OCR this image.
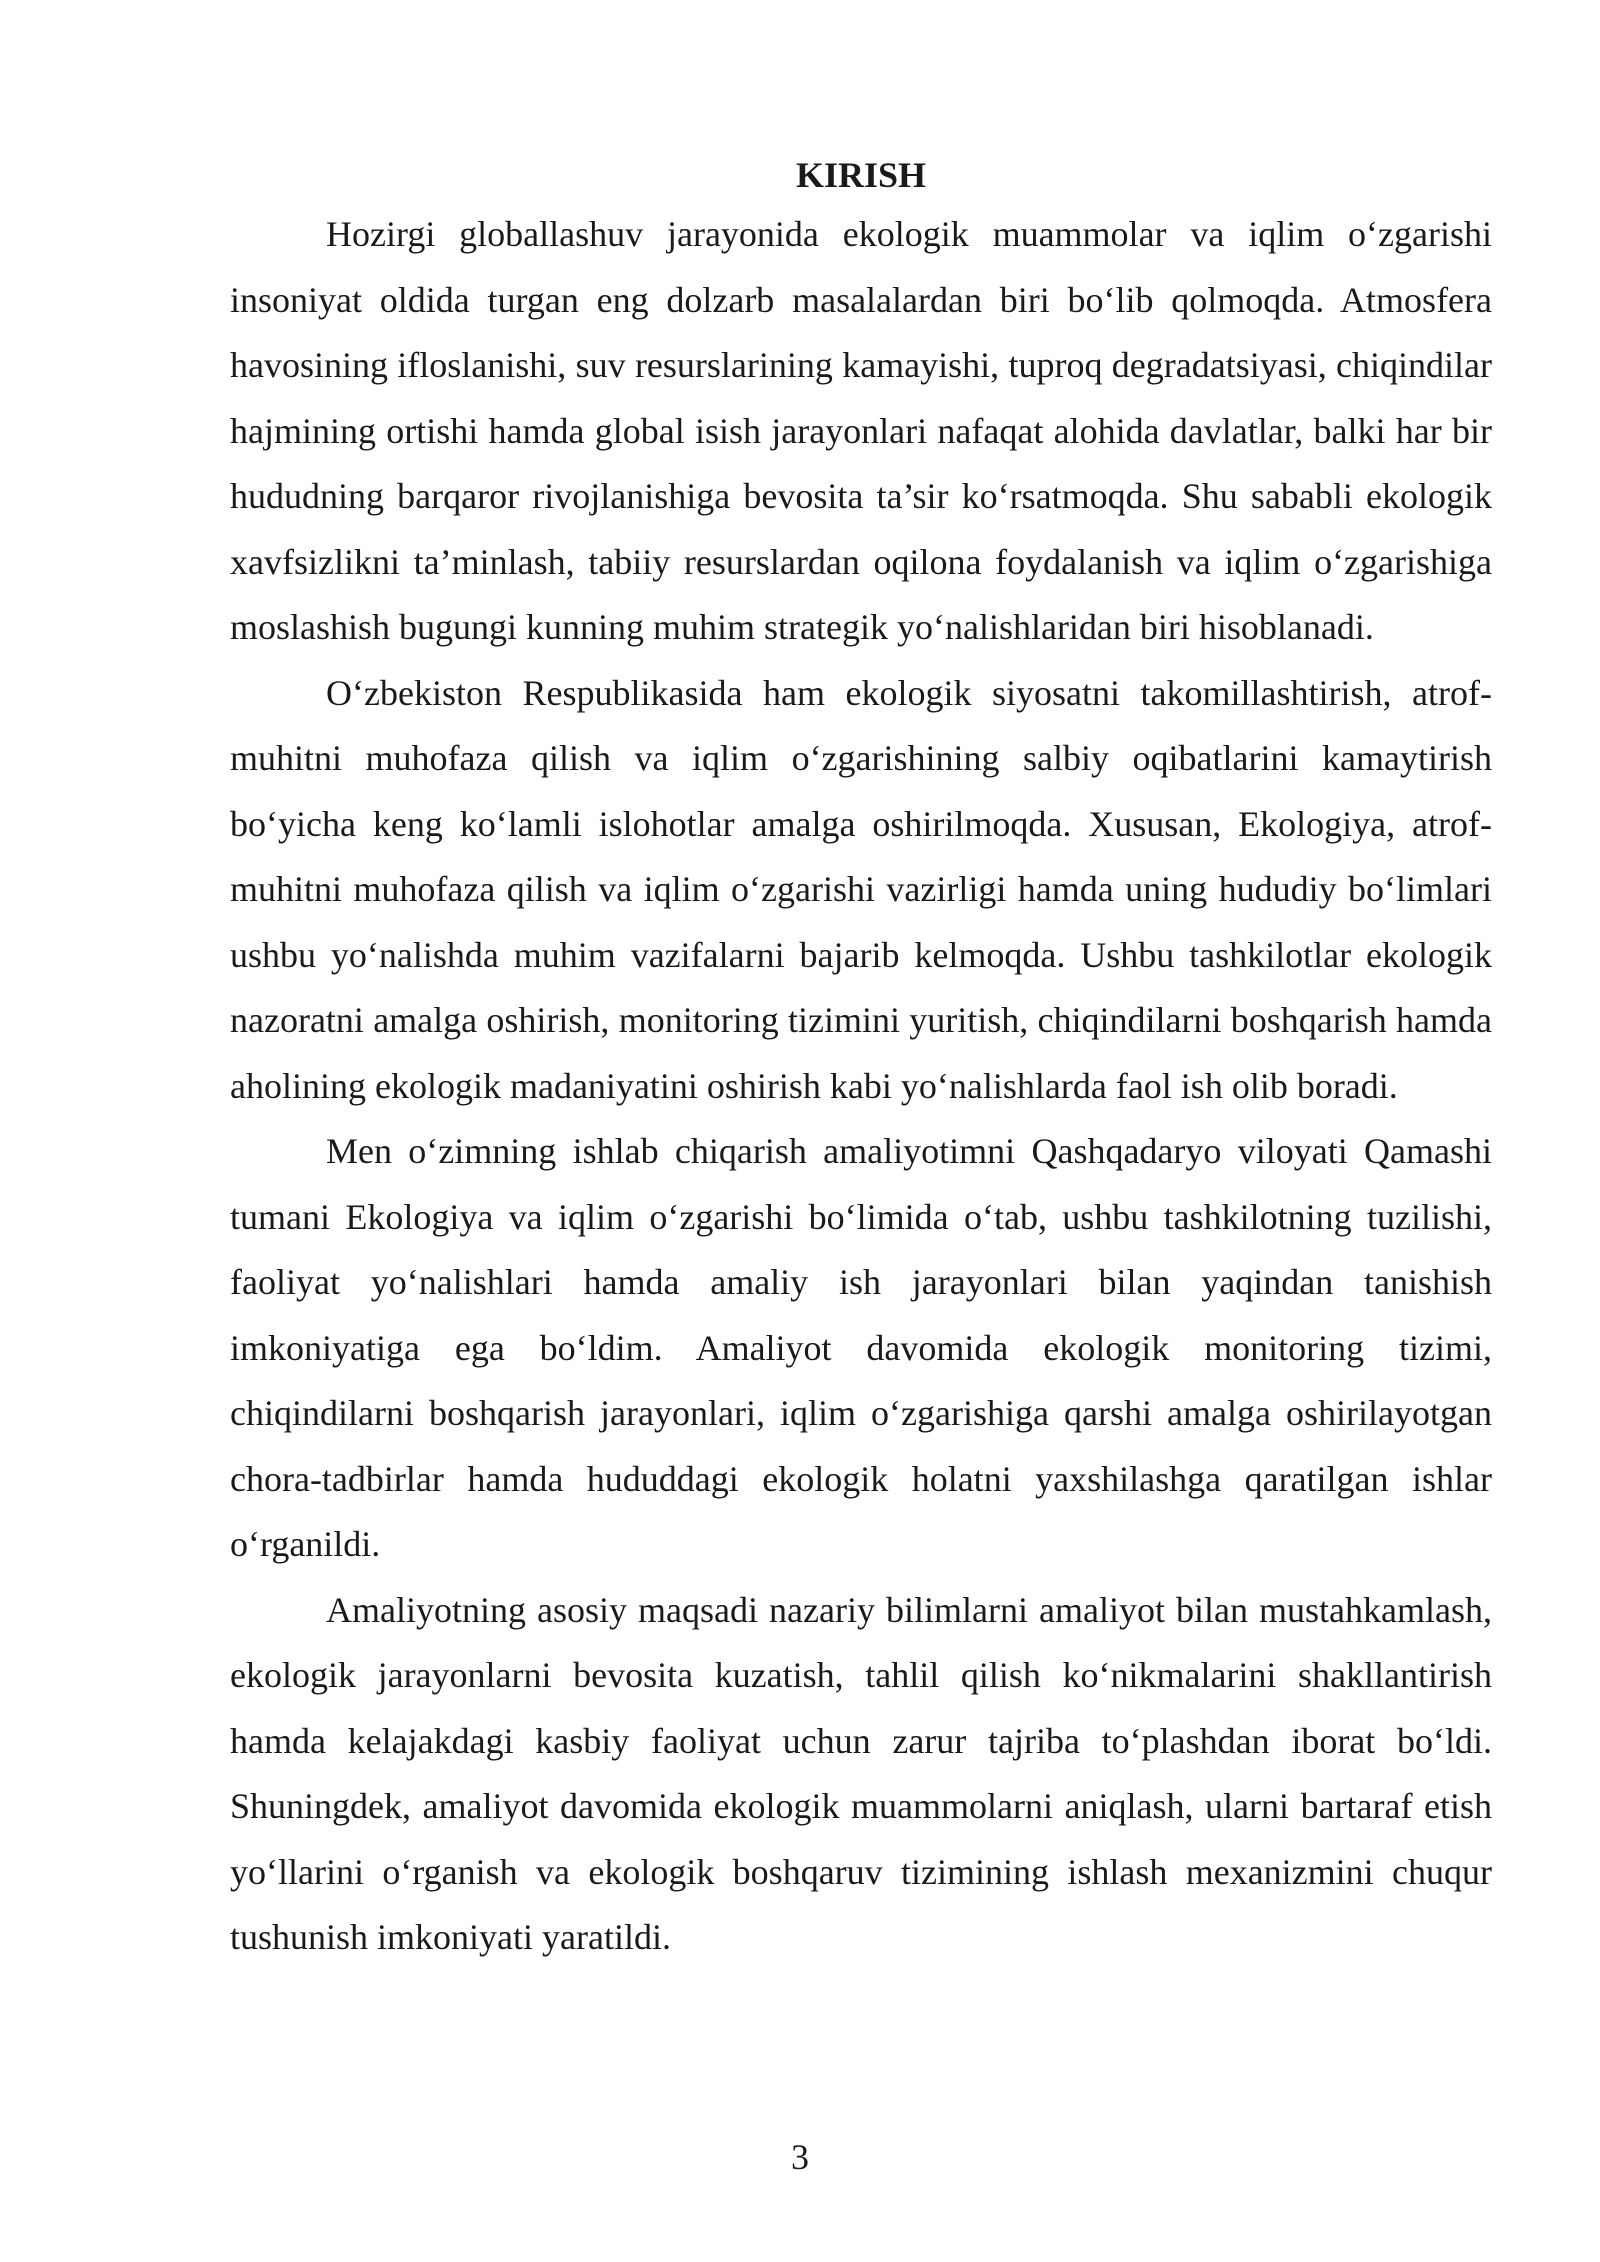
KIRISH

Hozirgi globallashuv jarayonida ekologik muammolar va iqlim o‘zgarishi insoniyat oldida turgan eng dolzarb masalalardan biri bo‘lib qolmoqda. Atmosfera havosining ifloslanishi, suv resurslarining kamayishi, tuproq degradatsiyasi, chiqindilar hajmining ortishi hamda global isish jarayonlari nafaqat alohida davlatlar, balki har bir hududning barqaror rivojlanishiga bevosita ta’sir ko‘rsatmoqda. Shu sababli ekologik xavfsizlikni ta’minlash, tabiiy resurslardan oqilona foydalanish va iqlim o‘zgarishiga moslashish bugungi kunning muhim strategik yo‘nalishlaridan biri hisoblanadi.

O‘zbekiston Respublikasida ham ekologik siyosatni takomillashtirish, atrof-muhitni muhofaza qilish va iqlim o‘zgarishining salbiy oqibatlarini kamaytirish bo‘yicha keng ko‘lamli islohotlar amalga oshirilmoqda. Xususan, Ekologiya, atrof-muhitni muhofaza qilish va iqlim o‘zgarishi vazirligi hamda uning hududiy bo‘limlari ushbu yo‘nalishda muhim vazifalarni bajarib kelmoqda. Ushbu tashkilotlar ekologik nazoratni amalga oshirish, monitoring tizimini yuritish, chiqindilarni boshqarish hamda aholining ekologik madaniyatini oshirish kabi yo‘nalishlarda faol ish olib boradi.

Men o‘zimning ishlab chiqarish amaliyotimni Qashqadaryo viloyati Qamashi tumani Ekologiya va iqlim o‘zgarishi bo‘limida o‘tab, ushbu tashkilotning tuzilishi, faoliyat yo‘nalishlari hamda amaliy ish jarayonlari bilan yaqindan tanishish imkoniyatiga ega bo‘ldim. Amaliyot davomida ekologik monitoring tizimi, chiqindilarni boshqarish jarayonlari, iqlim o‘zgarishiga qarshi amalga oshirilayotgan chora-tadbirlar hamda hududdagi ekologik holatni yaxshilashga qaratilgan ishlar o‘rganildi.

Amaliyotning asosiy maqsadi nazariy bilimlarni amaliyot bilan mustahkamlash, ekologik jarayonlarni bevosita kuzatish, tahlil qilish ko‘nikmalarini shakllantirish hamda kelajakdagi kasbiy faoliyat uchun zarur tajriba to‘plashdan iborat bo‘ldi. Shuningdek, amaliyot davomida ekologik muammolarni aniqlash, ularni bartaraf etish yo‘llarini o‘rganish va ekologik boshqaruv tizimining ishlash mexanizmini chuqur tushunish imkoniyati yaratildi.

3
